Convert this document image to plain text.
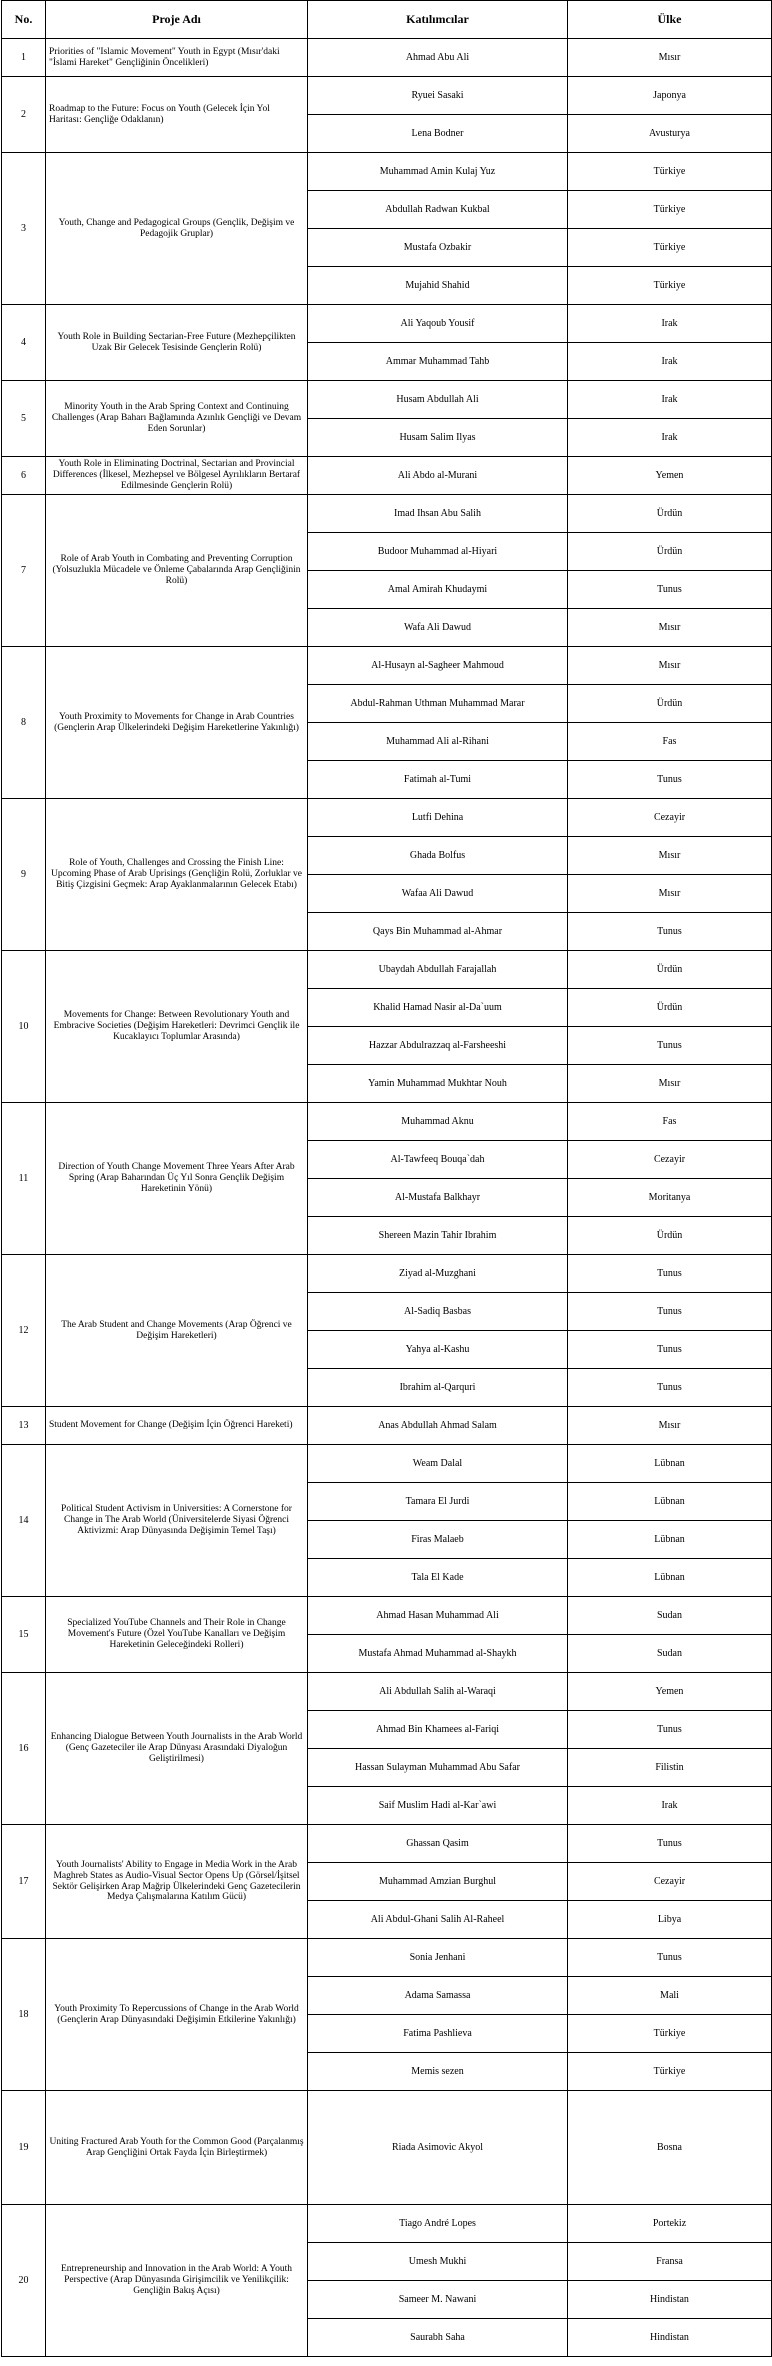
No.	Proje Adı	Katılımcılar	Ülke
1	Priorities of "Islamic Movement" Youth in Egypt (Mısır'daki "İslami Hareket" Gençliğinin Öncelikleri)	Ahmad Abu Ali	Mısır
2	Roadmap to the Future: Focus on Youth (Gelecek İçin Yol Haritası: Gençliğe Odaklanın)	Ryuei Sasaki	Japonya
		Lena Bodner	Avusturya
3	Youth, Change and Pedagogical Groups (Gençlik, Değişim ve Pedagojik Gruplar)	Muhammad Amin Kulaj Yuz	Türkiye
		Abdullah Radwan Kukbal	Türkiye
		Mustafa Ozbakir	Türkiye
		Mujahid Shahid	Türkiye
4	Youth Role in Building Sectarian-Free Future (Mezhepçilikten Uzak Bir Gelecek Tesisinde Gençlerin Rolü)	Ali Yaqoub Yousif	Irak
		Ammar Muhammad Tahb	Irak
5	Minority Youth in the Arab Spring Context and Continuing Challenges (Arap Baharı Bağlamında Azınlık Gençliği ve Devam Eden Sorunlar)	Husam Abdullah Ali	Irak
		Husam Salim Ilyas	Irak
6	Youth Role in Eliminating Doctrinal, Sectarian and Provincial Differences (İlkesel, Mezhepsel ve Bölgesel Ayrılıkların Bertaraf Edilmesinde Gençlerin Rolü)	Ali Abdo al-Murani	Yemen
7	Role of Arab Youth in Combating and Preventing Corruption (Yolsuzlukla Mücadele ve Önleme Çabalarında Arap Gençliğinin Rolü)	Imad Ihsan Abu Salih	Ürdün
		Budoor Muhammad al-Hiyari	Ürdün
		Amal Amirah Khudaymi	Tunus
		Wafa Ali Dawud	Mısır
8	Youth Proximity to Movements for Change in Arab Countries (Gençlerin Arap Ülkelerindeki Değişim Hareketlerine Yakınlığı)	Al-Husayn al-Sagheer Mahmoud	Mısır
		Abdul-Rahman Uthman Muhammad Marar	Ürdün
		Muhammad Ali al-Rihani	Fas
		Fatimah al-Tumi	Tunus
9	Role of Youth, Challenges and Crossing the Finish Line: Upcoming Phase of Arab Uprisings (Gençliğin Rolü, Zorluklar ve Bitiş Çizgisini Geçmek: Arap Ayaklanmalarının Gelecek Etabı)	Lutfi Dehina	Cezayir
		Ghada Bolfus	Mısır
		Wafaa Ali Dawud	Mısır
		Qays Bin Muhammad al-Ahmar	Tunus
10	Movements for Change: Between Revolutionary Youth and Embracive Societies (Değişim Hareketleri: Devrimci Gençlik ile Kucaklayıcı Toplumlar Arasında)	Ubaydah Abdullah Farajallah	Ürdün
		Khalid Hamad Nasir al-Da`uum	Ürdün
		Hazzar Abdulrazzaq al-Farsheeshi	Tunus
		Yamin Muhammad Mukhtar Nouh	Mısır
11	Direction of Youth Change Movement Three Years After Arab Spring (Arap Baharından Üç Yıl Sonra Gençlik Değişim Hareketinin Yönü)	Muhammad Aknu	Fas
		Al-Tawfeeq Bouqa`dah	Cezayir
		Al-Mustafa Balkhayr	Moritanya
		Shereen Mazin Tahir Ibrahim	Ürdün
12	The Arab Student and Change Movements (Arap Öğrenci ve Değişim Hareketleri)	Ziyad al-Muzghani	Tunus
		Al-Sadiq Basbas	Tunus
		Yahya al-Kashu	Tunus
		Ibrahim al-Qarquri	Tunus
13	Student Movement for Change (Değişim İçin Öğrenci Hareketi)	Anas Abdullah Ahmad Salam	Mısır
14	Political Student Activism in Universities: A Cornerstone for Change in The Arab World (Üniversitelerde Siyasi Öğrenci Aktivizmi: Arap Dünyasında Değişimin Temel Taşı)	Weam Dalal	Lübnan
		Tamara El Jurdi	Lübnan
		Firas Malaeb	Lübnan
		Tala El Kade	Lübnan
15	Specialized YouTube Channels and Their Role in Change Movement's Future (Özel YouTube Kanalları ve Değişim Hareketinin Geleceğindeki Rolleri)	Ahmad Hasan Muhammad Ali	Sudan
		Mustafa Ahmad Muhammad al-Shaykh	Sudan
16	Enhancing Dialogue Between Youth Journalists in the Arab World (Genç Gazeteciler ile Arap Dünyası Arasındaki Diyaloğun Geliştirilmesi)	Ali Abdullah Salih al-Waraqi	Yemen
		Ahmad Bin Khamees al-Fariqi	Tunus
		Hassan Sulayman Muhammad Abu Safar	Filistin
		Saif Muslim Hadi al-Kar`awi	Irak
17	Youth Journalists' Ability to Engage in Media Work in the Arab Maghreb States as Audio-Visual Sector Opens Up (Görsel/İşitsel Sektör Gelişirken Arap Mağrip Ülkelerindeki Genç Gazetecilerin Medya Çalışmalarına Katılım Gücü)	Ghassan Qasim	Tunus
		Muhammad Amzian Burghul	Cezayir
		Ali Abdul-Ghani Salih Al-Raheel	Libya
18	Youth Proximity To Repercussions of Change in the Arab World (Gençlerin Arap Dünyasındaki Değişimin Etkilerine Yakınlığı)	Sonia Jenhani	Tunus
		Adama Samassa	Mali
		Fatima Pashlieva	Türkiye
		Memis sezen	Türkiye
19	Uniting Fractured Arab Youth for the Common Good (Parçalanmış Arap Gençliğini Ortak Fayda İçin Birleştirmek)	Riada Asimovic Akyol	Bosna
20	Entrepreneurship and Innovation in the Arab World: A Youth Perspective (Arap Dünyasında Girişimcilik ve Yenilikçilik: Gençliğin Bakış Açısı)	Tiago André Lopes	Portekiz
		Umesh Mukhi	Fransa
		Sameer M. Nawani	Hindistan
		Saurabh Saha	Hindistan
